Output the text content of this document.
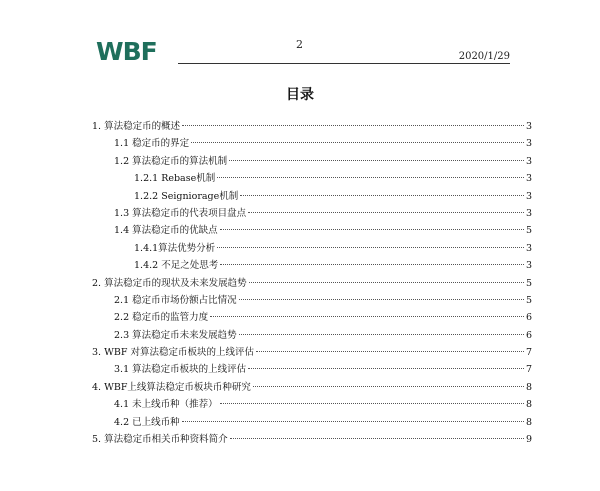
WBF	2
2020/1/29
目录
1. 算法稳定币的概述	3
1.1 稳定币的界定	3
1.2 算法稳定币的算法机制	3
1.2.1 Rebase机制	3
1.2.2 Seigniorage机制	3
1.3 算法稳定币的代表项目盘点	3
1.4 算法稳定币的优缺点	5
1.4.1算法优势分析	3
1.4.2 不足之处思考	3
2. 算法稳定币的现状及未来发展趋势	5
2.1 稳定币市场份额占比情况	5
2.2 稳定币的监管力度	6
2.3 算法稳定币未来发展趋势	6
3. WBF 对算法稳定币板块的上线评估	7
3.1 算法稳定币板块的上线评估	7
4. WBF上线算法稳定币板块币种研究	8
4.1 未上线币种（推荐）	8
4.2 已上线币种	8
5. 算法稳定币相关币种资料简介	9
